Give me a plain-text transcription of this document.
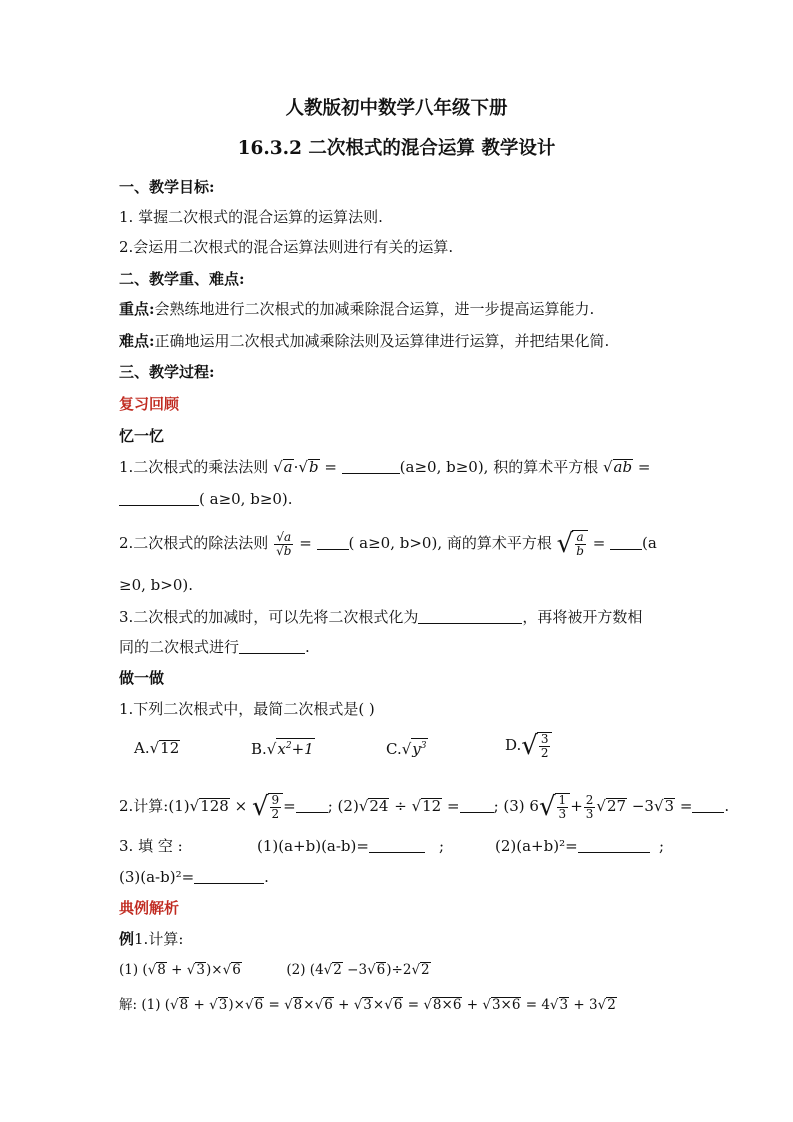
人教版初中数学八年级下册
16.3.2 二次根式的混合运算 教学设计
一、教学目标:
1. 掌握二次根式的混合运算的运算法则.
2.会运用二次根式的混合运算法则进行有关的运算.
二、教学重、难点:
重点:会熟练地进行二次根式的加减乘除混合运算，进一步提高运算能力.
难点:正确地运用二次根式加减乘除法则及运算律进行运算，并把结果化简.
三、教学过程:
复习回顾
忆一忆
1.二次根式的乘法法则 √a·√b =	(a≥0, b≥0), 积的算术平方根 √ab =
( a≥0, b≥0).
2.二次根式的除法法则 $\frac{√a}{√b}$ = ( a≥0, b>0), 商的算术平方根 √ $\frac{a}{b} = (a$
≥0, b>0).
3.二次根式的加减时，可以先将二次根式化为	，再将被开方数相
同的二次根式进行	.
做一做
1.下列二次根式中，最简二次根式是( )
A.√12	$B.√x^2+1$	$C.√y^3$	D. √ $\frac{3}{2}$
2.计算:(1)√128 × √ $\frac{9}{2}$ = ; (2)√24 ÷ √12 = ; (3) 6 √ $\frac{1}{3} + \frac{2}{3} √27 -3√3$ = .
3. 填 空 :	(1)(a+b)(a-b)=	;	(2)(a+b)²=	;
(3)(a-b)²=	.
典例解析
例1.计算:
(1) (√8 + √3)×√6	(2) (4√2 −3√6)÷2√2
解: (1) (√8 + √3)×√6 = √8×√6 + √3×√6 = √8×6 + √3×6 = 4√3 + 3√2
